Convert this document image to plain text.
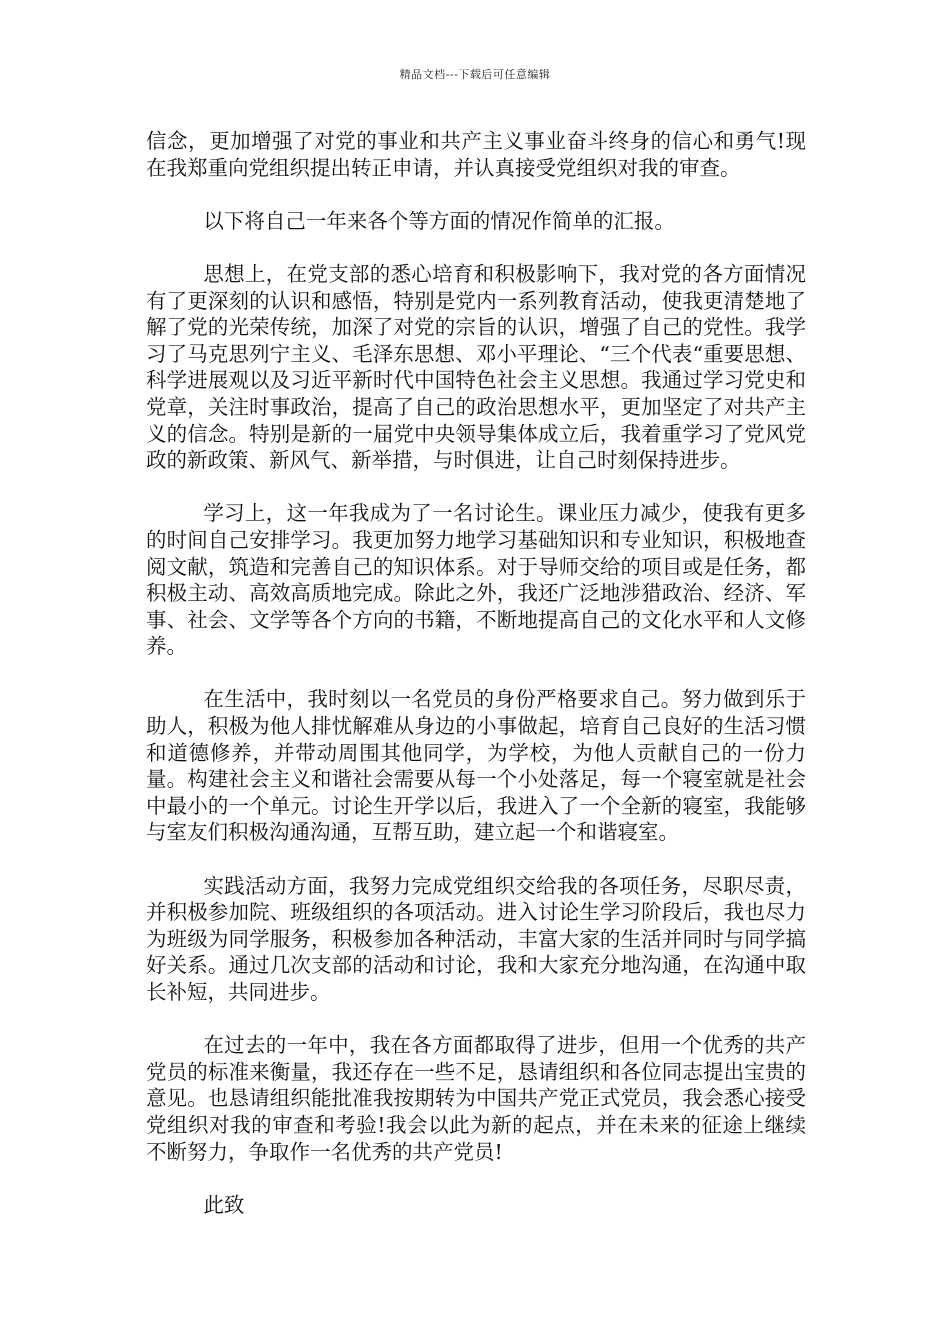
精品文档---下载后可任意编辑

信念，更加增强了对党的事业和共产主义事业奋斗终身的信心和勇气!现在我郑重向党组织提出转正申请，并认真接受党组织对我的审查。

以下将自己一年来各个等方面的情况作简单的汇报。

思想上，在党支部的悉心培育和积极影响下，我对党的各方面情况有了更深刻的认识和感悟，特别是党内一系列教育活动，使我更清楚地了解了党的光荣传统，加深了对党的宗旨的认识，增强了自己的党性。我学习了马克思列宁主义、毛泽东思想、邓小平理论、“三个代表“重要思想、科学进展观以及习近平新时代中国特色社会主义思想。我通过学习党史和党章，关注时事政治，提高了自己的政治思想水平，更加坚定了对共产主义的信念。特别是新的一届党中央领导集体成立后，我着重学习了党风党政的新政策、新风气、新举措，与时俱进，让自己时刻保持进步。

学习上，这一年我成为了一名讨论生。课业压力减少，使我有更多的时间自己安排学习。我更加努力地学习基础知识和专业知识，积极地查阅文献，筑造和完善自己的知识体系。对于导师交给的项目或是任务，都积极主动、高效高质地完成。除此之外，我还广泛地涉猎政治、经济、军事、社会、文学等各个方向的书籍，不断地提高自己的文化水平和人文修养。

在生活中，我时刻以一名党员的身份严格要求自己。努力做到乐于助人，积极为他人排忧解难从身边的小事做起，培育自己良好的生活习惯和道德修养，并带动周围其他同学，为学校，为他人贡献自己的一份力量。构建社会主义和谐社会需要从每一个小处落足，每一个寝室就是社会中最小的一个单元。讨论生开学以后，我进入了一个全新的寝室，我能够与室友们积极沟通沟通，互帮互助，建立起一个和谐寝室。

实践活动方面，我努力完成党组织交给我的各项任务，尽职尽责，并积极参加院、班级组织的各项活动。进入讨论生学习阶段后，我也尽力为班级为同学服务，积极参加各种活动，丰富大家的生活并同时与同学搞好关系。通过几次支部的活动和讨论，我和大家充分地沟通，在沟通中取长补短，共同进步。

在过去的一年中，我在各方面都取得了进步，但用一个优秀的共产党员的标准来衡量，我还存在一些不足，恳请组织和各位同志提出宝贵的意见。也恳请组织能批准我按期转为中国共产党正式党员，我会悉心接受党组织对我的审查和考验!我会以此为新的起点，并在未来的征途上继续不断努力，争取作一名优秀的共产党员!

此致
